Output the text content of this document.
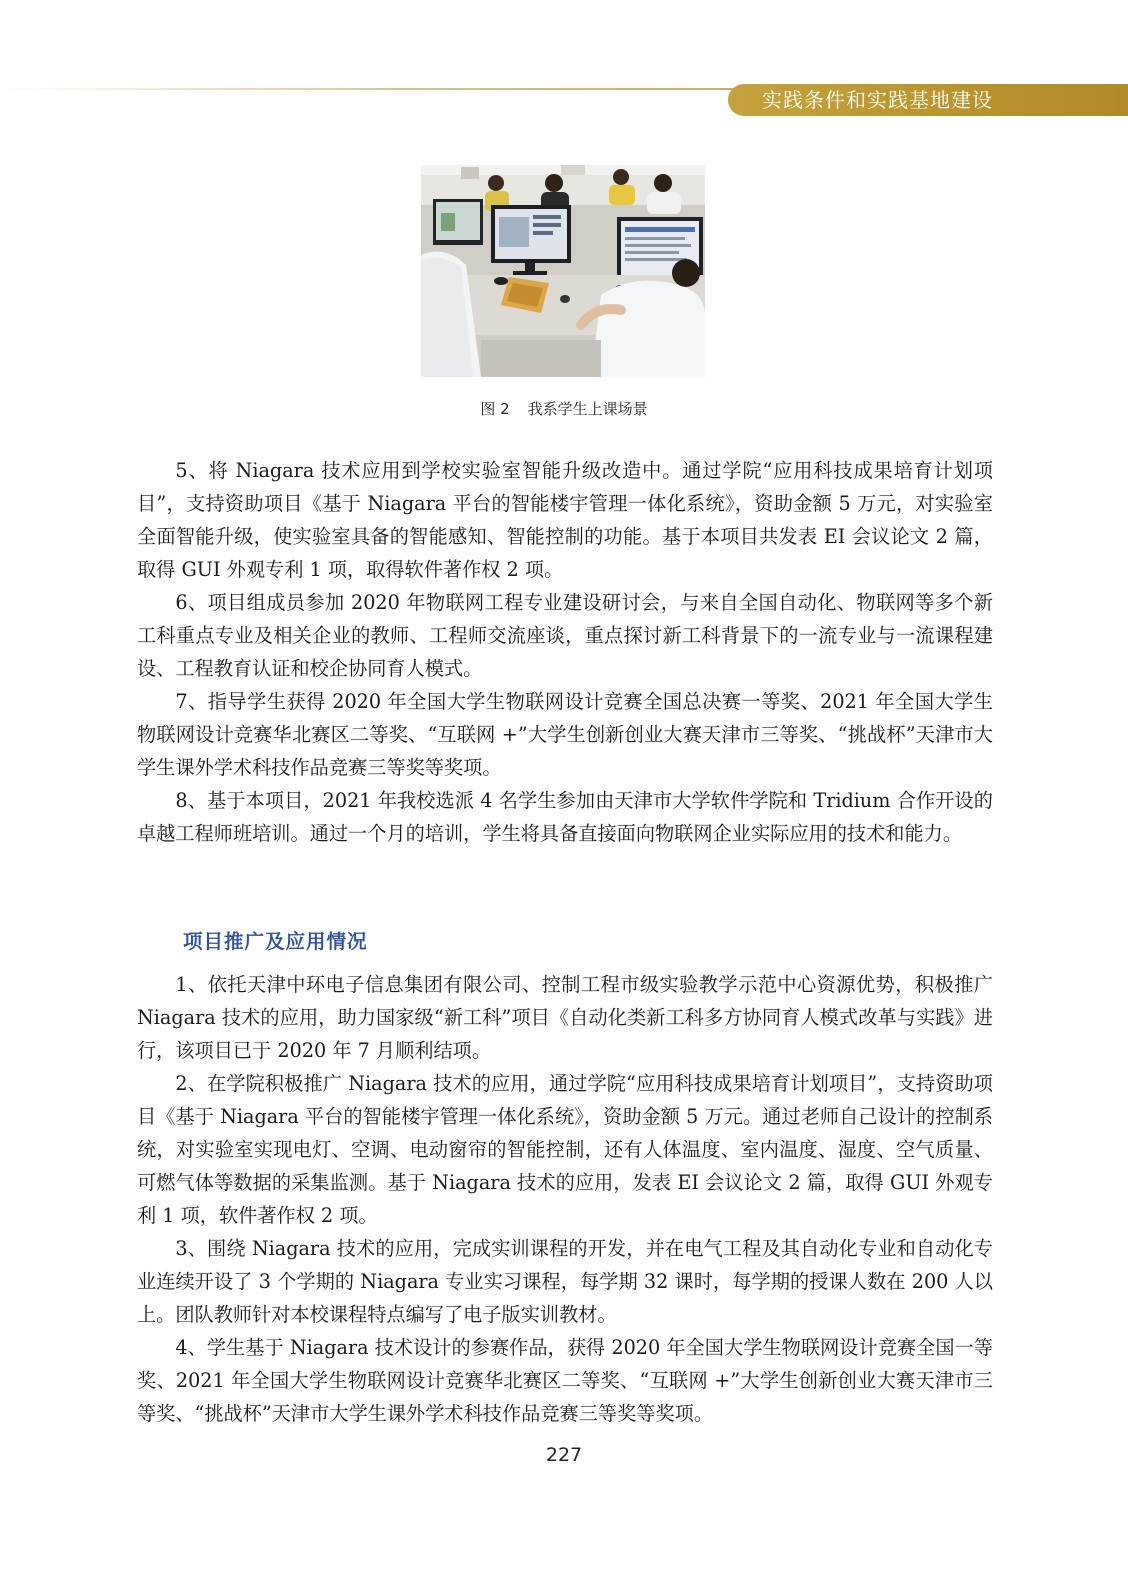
实践条件和实践基地建设
图 2 我系学生上课场景

5、将 Niagara 技术应用到学校实验室智能升级改造中。通过学院“应用科技成果培育计划项目”，支持资助项目《基于 Niagara 平台的智能楼宇管理一体化系统》，资助金额 5 万元，对实验室全面智能升级，使实验室具备的智能感知、智能控制的功能。基于本项目共发表 EI 会议论文 2 篇，取得 GUI 外观专利 1 项，取得软件著作权 2 项。

6、项目组成员参加 2020 年物联网工程专业建设研讨会，与来自全国自动化、物联网等多个新工科重点专业及相关企业的教师、工程师交流座谈，重点探讨新工科背景下的一流专业与一流课程建设、工程教育认证和校企协同育人模式。

7、指导学生获得 2020 年全国大学生物联网设计竞赛全国总决赛一等奖、2021 年全国大学生物联网设计竞赛华北赛区二等奖、“互联网 +”大学生创新创业大赛天津市三等奖、“挑战杯”天津市大学生课外学术科技作品竞赛三等奖等奖项。

8、基于本项目，2021 年我校选派 4 名学生参加由天津市大学软件学院和 Tridium 合作开设的卓越工程师班培训。通过一个月的培训，学生将具备直接面向物联网企业实际应用的技术和能力。

项目推广及应用情况

1、依托天津中环电子信息集团有限公司、控制工程市级实验教学示范中心资源优势，积极推广 Niagara 技术的应用，助力国家级“新工科”项目《自动化类新工科多方协同育人模式改革与实践》进行，该项目已于 2020 年 7 月顺利结项。

2、在学院积极推广 Niagara 技术的应用，通过学院“应用科技成果培育计划项目”，支持资助项目《基于 Niagara 平台的智能楼宇管理一体化系统》，资助金额 5 万元。通过老师自己设计的控制系统，对实验室实现电灯、空调、电动窗帘的智能控制，还有人体温度、室内温度、湿度、空气质量、可燃气体等数据的采集监测。基于 Niagara 技术的应用，发表 EI 会议论文 2 篇，取得 GUI 外观专利 1 项，软件著作权 2 项。

3、围绕 Niagara 技术的应用，完成实训课程的开发，并在电气工程及其自动化专业和自动化专业连续开设了 3 个学期的 Niagara 专业实习课程，每学期 32 课时，每学期的授课人数在 200 人以上。团队教师针对本校课程特点编写了电子版实训教材。

4、学生基于 Niagara 技术设计的参赛作品，获得 2020 年全国大学生物联网设计竞赛全国一等奖、2021 年全国大学生物联网设计竞赛华北赛区二等奖、“互联网 +”大学生创新创业大赛天津市三等奖、“挑战杯”天津市大学生课外学术科技作品竞赛三等奖等奖项。

227
